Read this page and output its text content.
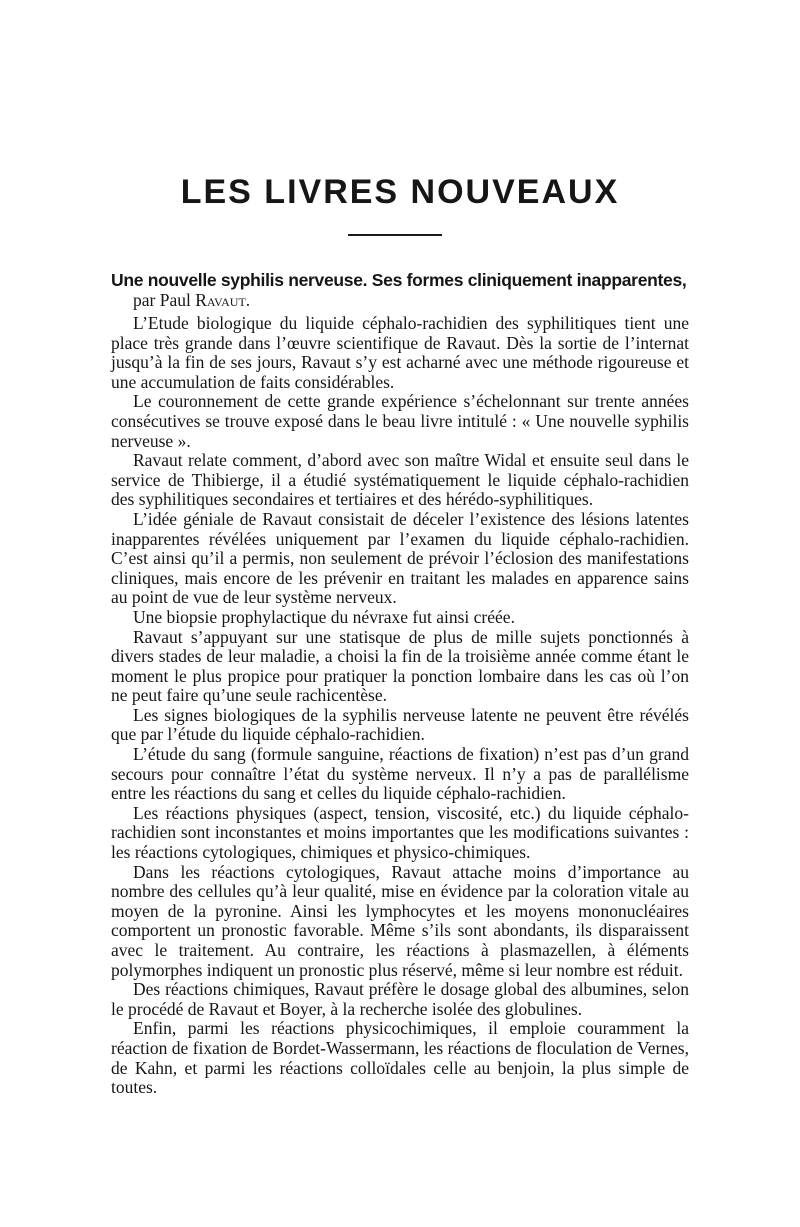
LES LIVRES NOUVEAUX

Une nouvelle syphilis nerveuse. Ses formes cliniquement inapparentes,

par Paul Ravaut.

L’Etude biologique du liquide céphalo-rachidien des syphilitiques tient une place très grande dans l’œuvre scientifique de Ravaut. Dès la sortie de l’internat jusqu’à la fin de ses jours, Ravaut s’y est acharné avec une méthode rigoureuse et une accumulation de faits considérables.

Le couronnement de cette grande expérience s’échelonnant sur trente années consécutives se trouve exposé dans le beau livre intitulé : « Une nouvelle syphilis nerveuse ».

Ravaut relate comment, d’abord avec son maître Widal et ensuite seul dans le service de Thibierge, il a étudié systématiquement le liquide céphalo-rachidien des syphilitiques secondaires et tertiaires et des hérédo-syphilitiques.

L’idée géniale de Ravaut consistait de déceler l’existence des lésions latentes inapparentes révélées uniquement par l’examen du liquide céphalo-rachidien. C’est ainsi qu’il a permis, non seulement de prévoir l’éclosion des manifestations cliniques, mais encore de les prévenir en traitant les malades en apparence sains au point de vue de leur système nerveux.

Une biopsie prophylactique du névraxe fut ainsi créée.

Ravaut s’appuyant sur une statisque de plus de mille sujets ponctionnés à divers stades de leur maladie, a choisi la fin de la troisième année comme étant le moment le plus propice pour pratiquer la ponction lombaire dans les cas où l’on ne peut faire qu’une seule rachicentèse.

Les signes biologiques de la syphilis nerveuse latente ne peuvent être révélés que par l’étude du liquide céphalo-rachidien.

L’étude du sang (formule sanguine, réactions de fixation) n’est pas d’un grand secours pour connaître l’état du système nerveux. Il n’y a pas de parallélisme entre les réactions du sang et celles du liquide céphalo-rachidien.

Les réactions physiques (aspect, tension, viscosité, etc.) du liquide céphalo-rachidien sont inconstantes et moins importantes que les modifications suivantes : les réactions cytologiques, chimiques et physico-chimiques.

Dans les réactions cytologiques, Ravaut attache moins d’importance au nombre des cellules qu’à leur qualité, mise en évidence par la coloration vitale au moyen de la pyronine. Ainsi les lymphocytes et les moyens mononucléaires comportent un pronostic favorable. Même s’ils sont abondants, ils disparaissent avec le traitement. Au contraire, les réactions à plasmazellen, à éléments polymorphes indiquent un pronostic plus réservé, même si leur nombre est réduit.

Des réactions chimiques, Ravaut préfère le dosage global des albumines, selon le procédé de Ravaut et Boyer, à la recherche isolée des globulines.

Enfin, parmi les réactions physicochimiques, il emploie couramment la réaction de fixation de Bordet-Wassermann, les réactions de floculation de Vernes, de Kahn, et parmi les réactions colloïdales celle au benjoin, la plus simple de toutes.
